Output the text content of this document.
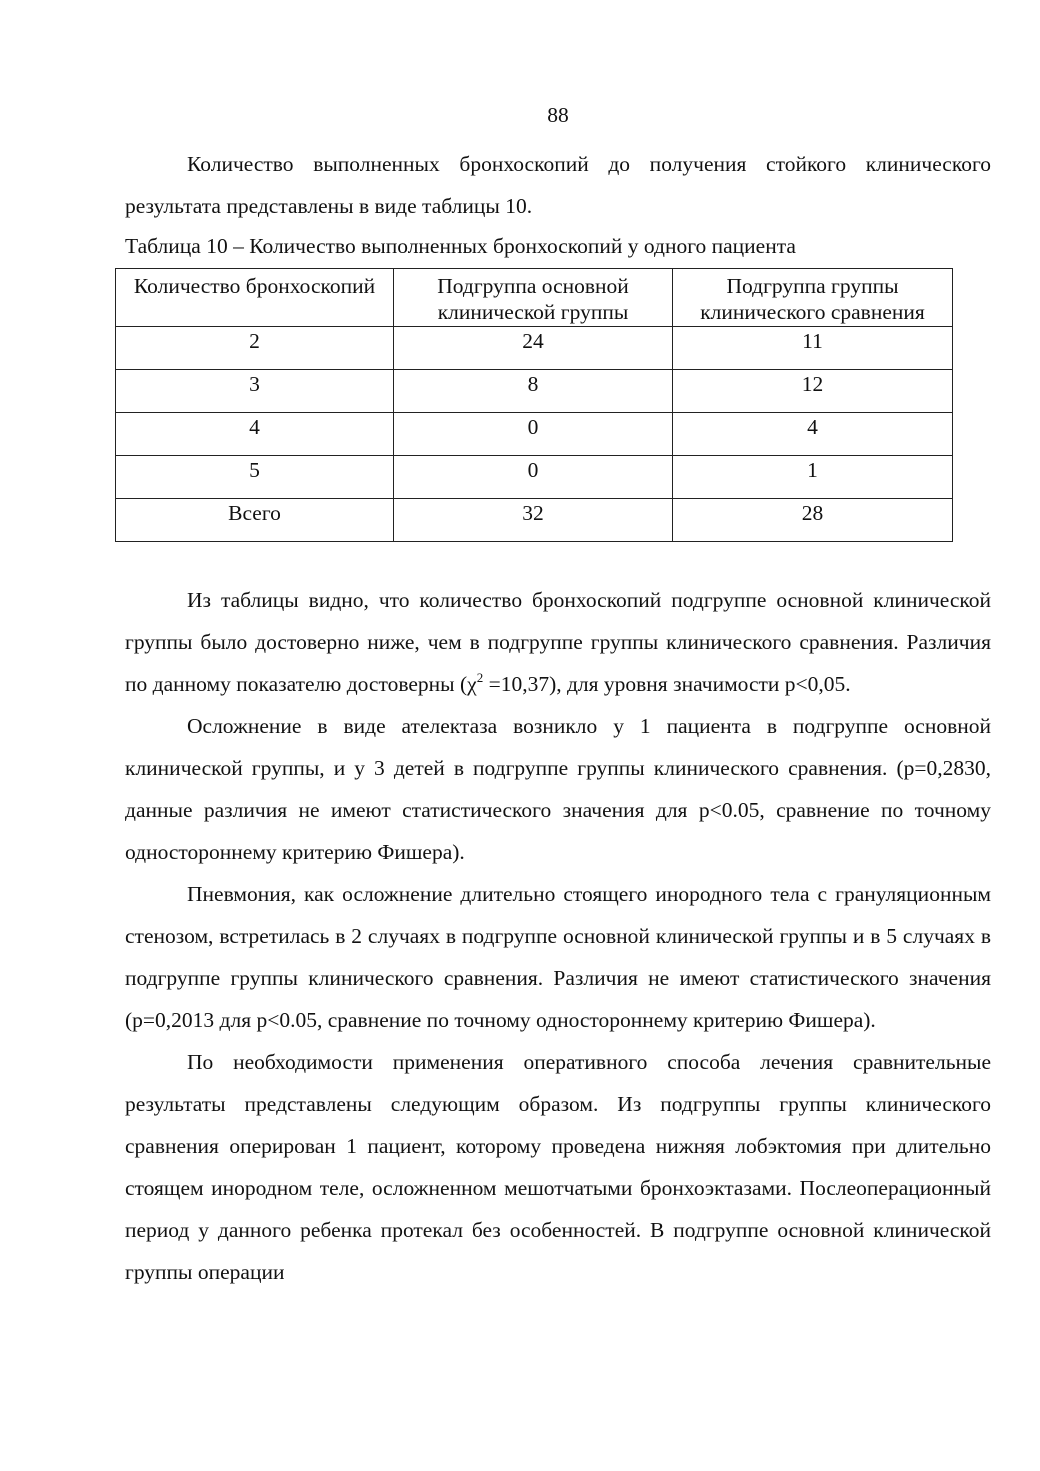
88

Количество выполненных бронхоскопий до получения стойкого клинического результата представлены в виде таблицы 10.

Таблица 10 – Количество выполненных бронхоскопий у одного пациента

Количество бронхоскопий	Подгруппа основной клинической группы	Подгруппа группы клинического сравнения
2	24	11
3	8	12
4	0	4
5	0	1
Всего	32	28

Из таблицы видно, что количество бронхоскопий подгруппе основной клинической группы было достоверно ниже, чем в подгруппе группы клинического сравнения. Различия по данному показателю достоверны $(\chi^2 =10,37)$, для уровня значимости p<0,05.

Осложнение в виде ателектаза возникло у 1 пациента в подгруппе основной клинической группы, и у 3 детей в подгруппе группы клинического сравнения. (p=0,2830, данные различия не имеют статистического значения для p<0.05, сравнение по точному одностороннему критерию Фишера).

Пневмония, как осложнение длительно стоящего инородного тела с грануляционным стенозом, встретилась в 2 случаях в подгруппе основной клинической группы и в 5 случаях в подгруппе группы клинического сравнения. Различия не имеют статистического значения (p=0,2013 для p<0.05, сравнение по точному одностороннему критерию Фишера).

По необходимости применения оперативного способа лечения сравнительные результаты представлены следующим образом. Из подгруппы группы клинического сравнения оперирован 1 пациент, которому проведена нижняя лобэктомия при длительно стоящем инородном теле, осложненном мешотчатыми бронхоэктазами. Послеоперационный период у данного ребенка протекал без особенностей. В подгруппе основной клинической группы операции
